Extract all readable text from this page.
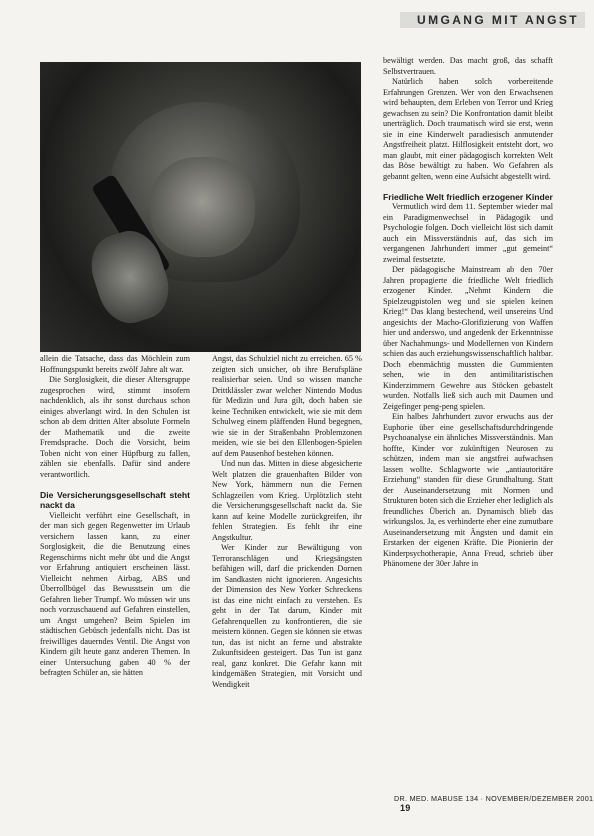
UMGANG MIT ANGST

allein die Tatsache, dass das Möchlein zum Hoffnungspunkt bereits zwölf Jahre alt war.

Die Sorglosigkeit, die dieser Altersgruppe zugesprochen wird, stimmt insofern nachdenklich, als ihr sonst durchaus schon einiges abverlangt wird. In den Schulen ist schon ab dem dritten Alter absolute Formeln der Mathematik und die zweite Fremdsprache. Doch die Vorsicht, beim Toben nicht von einer Hüpfburg zu fallen, zählen sie ebenfalls. Dafür sind andere verantwortlich.

Die Versicherungsgesellschaft steht nackt da

Vielleicht verführt eine Gesellschaft, in der man sich gegen Regenwetter im Urlaub versichern lassen kann, zu einer Sorglosigkeit, die die Benutzung eines Regenschirms nicht mehr übt und die Angst vor Erfahrung antiquiert erscheinen lässt. Vielleicht nehmen Airbag, ABS und Überrollbügel das Bewusstsein um die Gefahren lieber Trumpf. Wo müssen wir uns noch vorzuschauend auf Gefahren einstellen, um Angst umgehen? Beim Spielen im städtischen Gebüsch jedenfalls nicht. Das ist freiwilliges dauerndes Ventil. Die Angst von Kindern gilt heute ganz anderen Themen. In einer Untersuchung gaben 40 % der befragten Schüler an, sie hätten

Angst, das Schulziel nicht zu erreichen. 65 % zeigten sich unsicher, ob ihre Berufspläne realisierbar seien. Und so wissen manche Drittklässler zwar welcher Nintendo Modus für Medizin und Jura gilt, doch haben sie keine Techniken entwickelt, wie sie mit dem Schulweg einem pläffenden Hund begegnen, wie sie in der Straßenbahn Problemzonen meiden, wie sie bei den Ellenbogen-Spielen auf dem Pausenhof bestehen können.

Und nun das. Mitten in diese abgesicherte Welt platzen die grauenhaften Bilder von New York, hämmern nun die Fernen Schlagzeilen vom Krieg. Urplötzlich steht die Versicherungsgesellschaft nackt da. Sie kann auf keine Modelle zurückgreifen, ihr fehlen Strategien. Es fehlt ihr eine Angstkultur.

Wer Kinder zur Bewältigung von Terroranschlägen und Kriegsängsten befähigen will, darf die prickenden Dornen im Sandkasten nicht ignorieren. Angesichts der Dimension des New Yorker Schreckens ist das eine nicht einfach zu verstehen. Es geht in der Tat darum, Kinder mit Gefahrenquellen zu konfrontieren, die sie meistern können. Gegen sie können sie etwas tun, das ist nicht an ferne und abstrakte Zukunftsideen gesteigert. Das Tun ist ganz real, ganz konkret. Die Gefahr kann mit kindgemäßen Strategien, mit Vorsicht und Wendigkeit

bewältigt werden. Das macht groß, das schafft Selbstvertrauen.

Natürlich haben solch vorbereitende Erfahrungen Grenzen. Wer von den Erwachsenen wird behaupten, dem Erleben von Terror und Krieg gewachsen zu sein? Die Konfrontation damit bleibt unerträglich. Doch traumatisch wird sie erst, wenn sie in eine Kinderwelt paradiesisch anmutender Angstfreiheit platzt. Hilflosigkeit entsteht dort, wo man glaubt, mit einer pädagogisch korrekten Welt das Böse bewältigt zu haben. Wo Gefahren als gebannt gelten, wenn eine Aufsicht abgestellt wird.

Friedliche Welt friedlich erzogener Kinder

Vermutlich wird dem 11. September wieder mal ein Paradigmenwechsel in Pädagogik und Psychologie folgen. Doch vielleicht löst sich damit auch ein Missverständnis auf, das sich im vergangenen Jahrhundert immer „gut gemeint“ zweimal festsetzte.

Der pädagogische Mainstream ab den 70er Jahren propagierte die friedliche Welt friedlich erzogener Kinder. „Nehmt Kindern die Spielzeugpistolen weg und sie spielen keinen Krieg!“ Das klang bestechend, weil unsereins Und angesichts der Macho-Glorifizierung von Waffen hier und anderswo, und angedenk der Erkenntnisse über Nachahmungs- und Modellernen von Kindern schien das auch erziehungswissenschaftlich haltbar. Doch ebenmächtig mussten die Gummienten sehen, wie in den antimilitaristischen Kinderzimmern Gewehre aus Stöcken gebastelt wurden. Notfalls ließ sich auch mit Daumen und Zeigefinger peng-peng spielen.

Ein halbes Jahrhundert zuvor erwuchs aus der Euphorie über eine gesellschaftsdurchdringende Psychoanalyse ein ähnliches Missverständnis. Man hoffte, Kinder vor zukünftigen Neurosen zu schützen, indem man sie angstfrei aufwachsen lassen wollte. Schlagworte wie „antiautoritäre Erziehung“ standen für diese Grundhaltung. Statt der Auseinandersetzung mit Normen und Strukturen boten sich die Erzieher eher lediglich als freundliches Überich an. Dynamisch blieb das wirkungslos. Ja, es verhinderte eher eine zumutbare Auseinandersetzung mit Ängsten und damit ein Erstarken der eigenen Kräfte. Die Pionierin der Kinderpsychotherapie, Anna Freud, schrieb über Phänomene der 30er Jahre in

DR. MED. MABUSE 134 · NOVEMBER/DEZEMBER 2001 19
